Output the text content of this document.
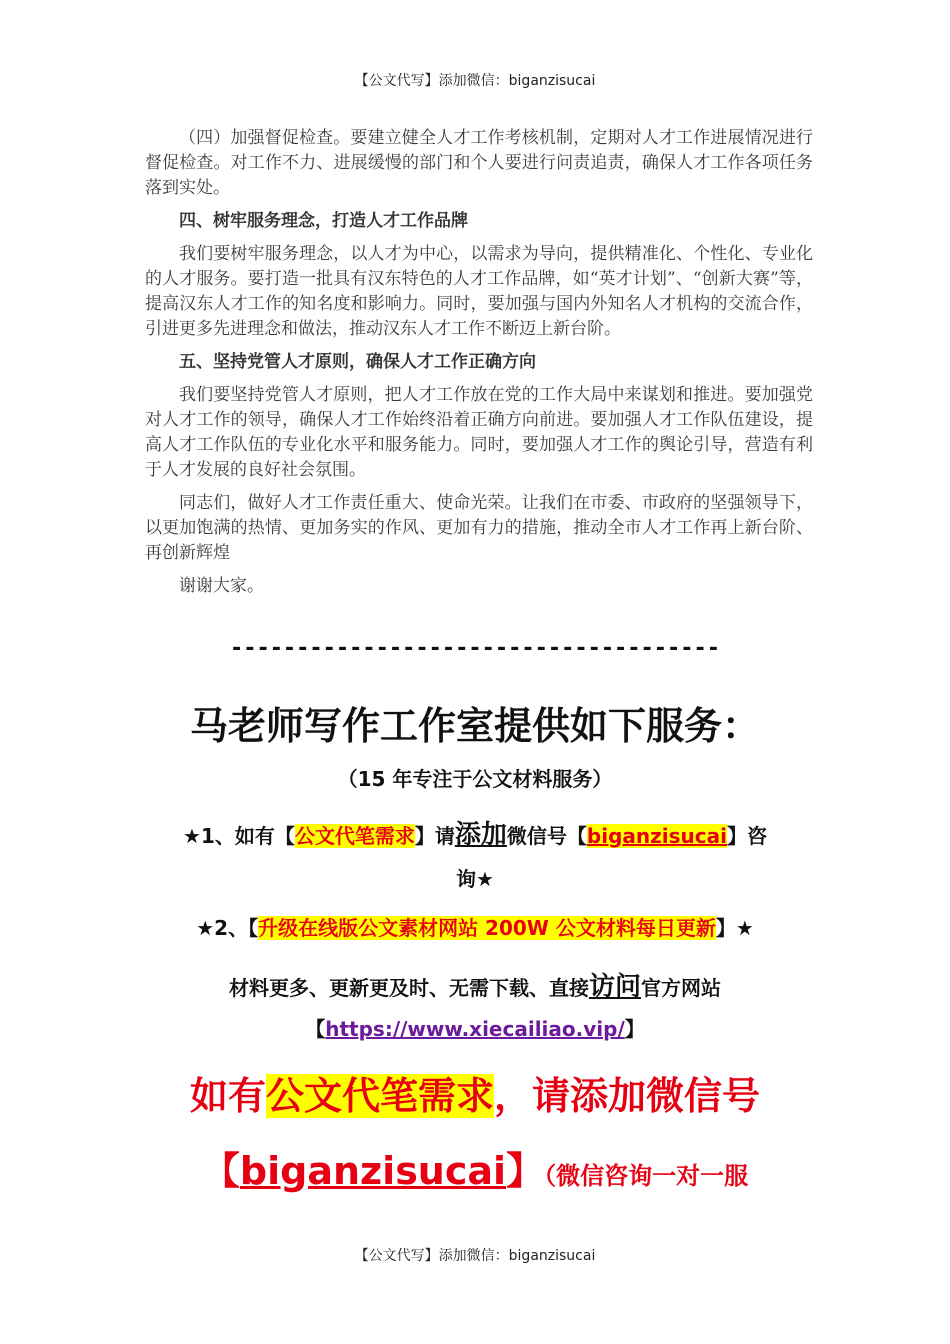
【公文代写】添加微信：biganzisucai

（四）加强督促检查。要建立健全人才工作考核机制，定期对人才工作进展情况进行督促检查。对工作不力、进展缓慢的部门和个人要进行问责追责，确保人才工作各项任务落到实处。

四、树牢服务理念，打造人才工作品牌

我们要树牢服务理念，以人才为中心，以需求为导向，提供精准化、个性化、专业化的人才服务。要打造一批具有汉东特色的人才工作品牌，如“英才计划”、“创新大赛”等，提高汉东人才工作的知名度和影响力。同时，要加强与国内外知名人才机构的交流合作，引进更多先进理念和做法，推动汉东人才工作不断迈上新台阶。

五、坚持党管人才原则，确保人才工作正确方向

我们要坚持党管人才原则，把人才工作放在党的工作大局中来谋划和推进。要加强党对人才工作的领导，确保人才工作始终沿着正确方向前进。要加强人才工作队伍建设，提高人才工作队伍的专业化水平和服务能力。同时，要加强人才工作的舆论引导，营造有利于人才发展的良好社会氛围。

同志们，做好人才工作责任重大、使命光荣。让我们在市委、市政府的坚强领导下，以更加饱满的热情、更加务实的作风、更加有力的措施，推动全市人才工作再上新台阶、再创新辉煌

谢谢大家。

-------------------------------------
马老师写作工作室提供如下服务：
（15 年专注于公文材料服务）
★1、如有【公文代笔需求】请添加微信号【biganzisucai】咨
询★
★2、【升级在线版公文素材网站 200W 公文材料每日更新】★
材料更多、更新更及时、无需下载、直接访问官方网站
【https://www.xiecailiao.vip/】
如有公文代笔需求，请添加微信号
【biganzisucai】（微信咨询一对一服
【公文代写】添加微信：biganzisucai
